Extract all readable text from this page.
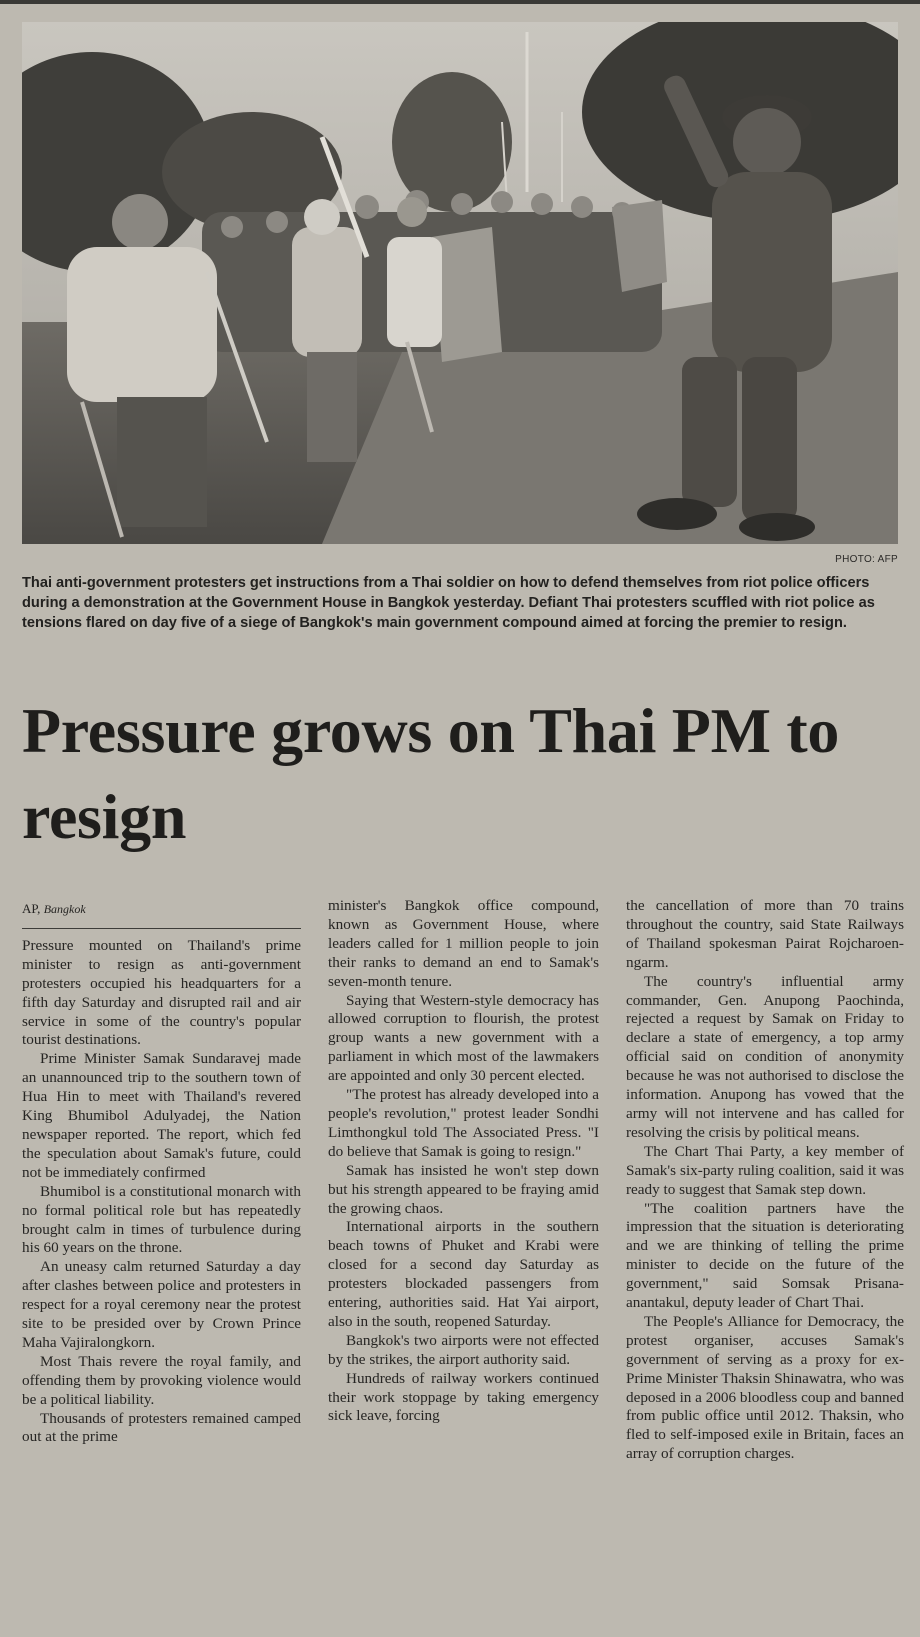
PHOTO: AFP
Thai anti-government protesters get instructions from a Thai soldier on how to defend themselves from riot police officers during a demonstration at the Government House in Bangkok yesterday. Defiant Thai protesters scuffled with riot police as tensions flared on day five of a siege of Bangkok's main government compound aimed at forcing the premier to resign.
Pressure grows on Thai PM to resign
AP, Bangkok

Pressure mounted on Thailand's prime minister to resign as anti-government protesters occupied his headquarters for a fifth day Saturday and disrupted rail and air service in some of the country's popular tourist destinations.

Prime Minister Samak Sundaravej made an unannounced trip to the southern town of Hua Hin to meet with Thailand's revered King Bhumibol Adulyadej, the Nation newspaper reported. The report, which fed the speculation about Samak's future, could not be immediately confirmed

Bhumibol is a constitutional monarch with no formal political role but has repeatedly brought calm in times of turbulence during his 60 years on the throne.

An uneasy calm returned Saturday a day after clashes between police and protesters in respect for a royal ceremony near the protest site to be presided over by Crown Prince Maha Vajiralongkorn.

Most Thais revere the royal family, and offending them by provoking violence would be a political liability.

Thousands of protesters remained camped out at the prime

minister's Bangkok office compound, known as Government House, where leaders called for 1 million people to join their ranks to demand an end to Samak's seven-month tenure.

Saying that Western-style democracy has allowed corruption to flourish, the protest group wants a new government with a parliament in which most of the lawmakers are appointed and only 30 percent elected.

"The protest has already developed into a people's revolution," protest leader Sondhi Limthongkul told The Associated Press. "I do believe that Samak is going to resign."

Samak has insisted he won't step down but his strength appeared to be fraying amid the growing chaos.

International airports in the southern beach towns of Phuket and Krabi were closed for a second day Saturday as protesters blockaded passengers from entering, authorities said. Hat Yai airport, also in the south, reopened Saturday.

Bangkok's two airports were not effected by the strikes, the airport authority said.

Hundreds of railway workers continued their work stoppage by taking emergency sick leave, forcing

the cancellation of more than 70 trains throughout the country, said State Railways of Thailand spokesman Pairat Rojcharoen-ngarm.

The country's influential army commander, Gen. Anupong Paochinda, rejected a request by Samak on Friday to declare a state of emergency, a top army official said on condition of anonymity because he was not authorised to disclose the information. Anupong has vowed that the army will not intervene and has called for resolving the crisis by political means.

The Chart Thai Party, a key member of Samak's six-party ruling coalition, said it was ready to suggest that Samak step down.

"The coalition partners have the impression that the situation is deteriorating and we are thinking of telling the prime minister to decide on the future of the government," said Somsak Prisana-anantakul, deputy leader of Chart Thai.

The People's Alliance for Democracy, the protest organiser, accuses Samak's government of serving as a proxy for ex-Prime Minister Thaksin Shinawatra, who was deposed in a 2006 bloodless coup and banned from public office until 2012. Thaksin, who fled to self-imposed exile in Britain, faces an array of corruption charges.
